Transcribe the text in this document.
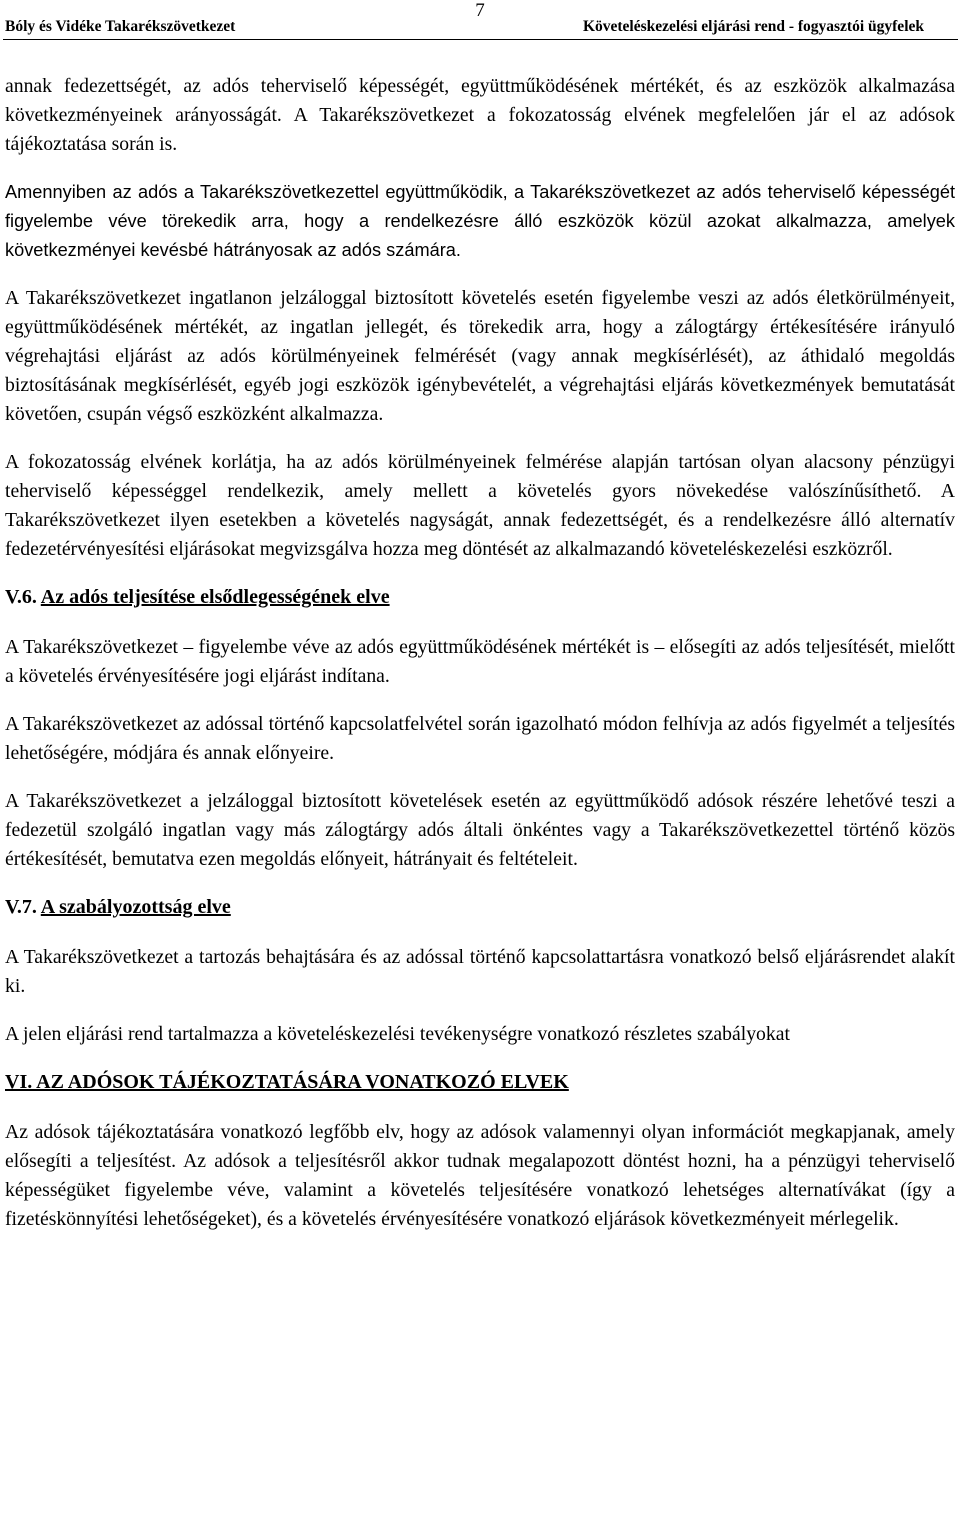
7
Bóly és Vidéke Takarékszövetkezet	Követeléskezelési eljárási rend - fogyasztói ügyfelek

annak fedezettségét, az adós teherviselő képességét, együttműködésének mértékét, és az eszközök alkalmazása következményeinek arányosságát. A Takarékszövetkezet a fokozatosság elvének megfelelően jár el az adósok tájékoztatása során is.

Amennyiben az adós a Takarékszövetkezettel együttműködik, a Takarékszövetkezet az adós teherviselő képességét figyelembe véve törekedik arra, hogy a rendelkezésre álló eszközök közül azokat alkalmazza, amelyek következményei kevésbé hátrányosak az adós számára.

A Takarékszövetkezet ingatlanon jelzáloggal biztosított követelés esetén figyelembe veszi az adós életkörülményeit, együttműködésének mértékét, az ingatlan jellegét, és törekedik arra, hogy a zálogtárgy értékesítésére irányuló végrehajtási eljárást az adós körülményeinek felmérését (vagy annak megkísérlését), az áthidaló megoldás biztosításának megkísérlését, egyéb jogi eszközök igénybevételét, a végrehajtási eljárás következmények bemutatását követően, csupán végső eszközként alkalmazza.

A fokozatosság elvének korlátja, ha az adós körülményeinek felmérése alapján tartósan olyan alacsony pénzügyi teherviselő képességgel rendelkezik, amely mellett a követelés gyors növekedése valószínűsíthető. A Takarékszövetkezet ilyen esetekben a követelés nagyságát, annak fedezettségét, és a rendelkezésre álló alternatív fedezetérvényesítési eljárásokat megvizsgálva hozza meg döntését az alkalmazandó követeléskezelési eszközről.

V.6. Az adós teljesítése elsődlegességének elve

A Takarékszövetkezet – figyelembe véve az adós együttműködésének mértékét is – elősegíti az adós teljesítését, mielőtt a követelés érvényesítésére jogi eljárást indítana.

A Takarékszövetkezet az adóssal történő kapcsolatfelvétel során igazolható módon felhívja az adós figyelmét a teljesítés lehetőségére, módjára és annak előnyeire.

A Takarékszövetkezet a jelzáloggal biztosított követelések esetén az együttműködő adósok részére lehetővé teszi a fedezetül szolgáló ingatlan vagy más zálogtárgy adós általi önkéntes vagy a Takarékszövetkezettel történő közös értékesítését, bemutatva ezen megoldás előnyeit, hátrányait és feltételeit.

V.7. A szabályozottság elve

A Takarékszövetkezet a tartozás behajtására és az adóssal történő kapcsolattartásra vonatkozó belső eljárásrendet alakít ki.

A jelen eljárási rend tartalmazza a követeléskezelési tevékenységre vonatkozó részletes szabályokat

VI. AZ ADÓSOK TÁJÉKOZTATÁSÁRA VONATKOZÓ ELVEK

Az adósok tájékoztatására vonatkozó legfőbb elv, hogy az adósok valamennyi olyan információt megkapjanak, amely elősegíti a teljesítést. Az adósok a teljesítésről akkor tudnak megalapozott döntést hozni, ha a pénzügyi teherviselő képességüket figyelembe véve, valamint a követelés teljesítésére vonatkozó lehetséges alternatívákat (így a fizetéskönnyítési lehetőségeket), és a követelés érvényesítésére vonatkozó eljárások következményeit mérlegelik.
